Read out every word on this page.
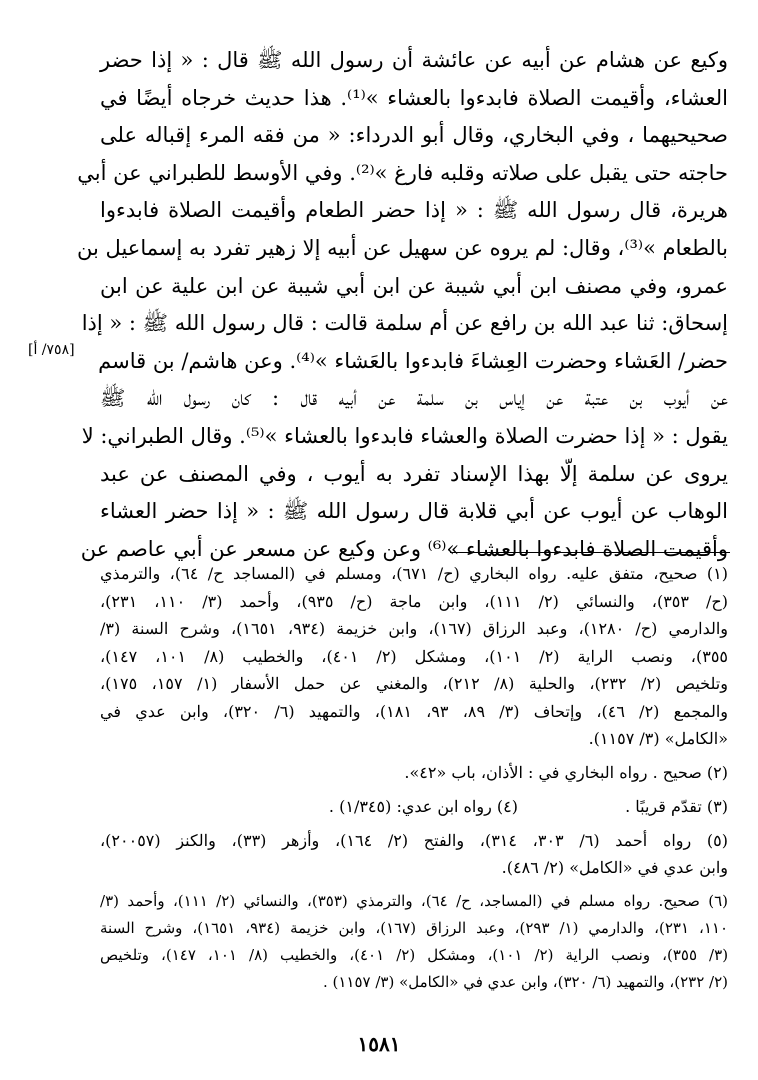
[٧٥٨/ أ]
وكيع عن هشام عن أبيه عن عائشة أن رسول الله ﷺ قال : « إذا حضر
العشاء، وأقيمت الصلاة فابدءوا بالعشاء »⁽¹⁾. هذا حديث خرجاه أيضًا في
صحيحيهما ، وفي البخاري، وقال أبو الدرداء: « من فقه المرء إقباله على
حاجته حتى يقبل على صلاته وقلبه فارغ »⁽²⁾. وفي الأوسط للطبراني عن أبي
هريرة، قال رسول الله ﷺ : « إذا حضر الطعام وأقيمت الصلاة فابدءوا
بالطعام »⁽³⁾، وقال: لم يروه عن سهيل عن أبيه إلا زهير تفرد به إسماعيل بن
عمرو، وفي مصنف ابن أبي شيبة عن ابن أبي شيبة عن ابن علية عن ابن
إسحاق: ثنا عبد الله بن رافع عن أم سلمة قالت : قال رسول الله ﷺ : « إذا
حضر/ العَشاء وحضرت العِشاءَ فابدءوا بالعَشاء »⁽⁴⁾. وعن هاشم/ بن قاسم
عن أيوب بن عتبة عن إياس بن سلمة عن أبيه قال : كان رسول الله ﷺ
يقول : « إذا حضرت الصلاة والعشاء فابدءوا بالعشاء »⁽⁵⁾. وقال الطبراني: لا
يروى عن سلمة إلّا بهذا الإسناد تفرد به أيوب ، وفي المصنف عن عبد
الوهاب عن أيوب عن أبي قلابة قال رسول الله ﷺ : « إذا حضر العشاء
وأقيمت الصلاة فابدءوا بالعشاء »⁽⁶⁾ وعن وكيع عن مسعر عن أبي عاصم عن
(١) صحيح، متفق عليه. رواه البخاري (ح/ ٦٧١)، ومسلم في (المساجد ح/ ٦٤)، والترمذي
(ح/ ٣٥٣)، والنسائي (٢/ ١١١)، وابن ماجة (ح/ ٩٣٥)، وأحمد (٣/ ١١٠، ٢٣١)،
والدارمي (ح/ ١٢٨٠)، وعبد الرزاق (١٦٧)، وابن خزيمة (٩٣٤، ١٦٥١)، وشرح السنة (٣/
٣٥٥)، ونصب الراية (٢/ ١٠١)، ومشكل (٢/ ٤٠١)، والخطيب (٨/ ١٠١، ١٤٧)،
وتلخيص (٢/ ٢٣٢)، والحلية (٨/ ٢١٢)، والمغني عن حمل الأسفار (١/ ١٥٧، ١٧٥)،
والمجمع (٢/ ٤٦)، وإتحاف (٣/ ٨٩، ٩٣، ١٨١)، والتمهيد (٦/ ٣٢٠)، وابن عدي في
«الكامل» (٣/ ١١٥٧).
(٢) صحيح . رواه البخاري في : الأذان، باب «٤٢».
(٣) تقدّم قريبًا .
(٤) رواه ابن عدي: (١/٣٤٥) .
(٥) رواه أحمد (٦/ ٣٠٣، ٣١٤)، والفتح (٢/ ١٦٤)، وأزهر (٣٣)، والكنز (٢٠٠٥٧)،
وابن عدي في «الكامل» (٢/ ٤٨٦).
(٦) صحيح. رواه مسلم في (المساجد، ح/ ٦٤)، والترمذي (٣٥٣)، والنسائي (٢/ ١١١)، وأحمد (٣/
١١٠، ٢٣١)، والدارمي (١/ ٢٩٣)، وعبد الرزاق (١٦٧)، وابن خزيمة (٩٣٤، ١٦٥١)، وشرح السنة
(٣/ ٣٥٥)، ونصب الراية (٢/ ١٠١)، ومشكل (٢/ ٤٠١)، والخطيب (٨/ ١٠١، ١٤٧)، وتلخيص
(٢/ ٢٣٢)، والتمهيد (٦/ ٣٢٠)، وابن عدي في «الكامل» (٣/ ١١٥٧) .
١٥٨١
